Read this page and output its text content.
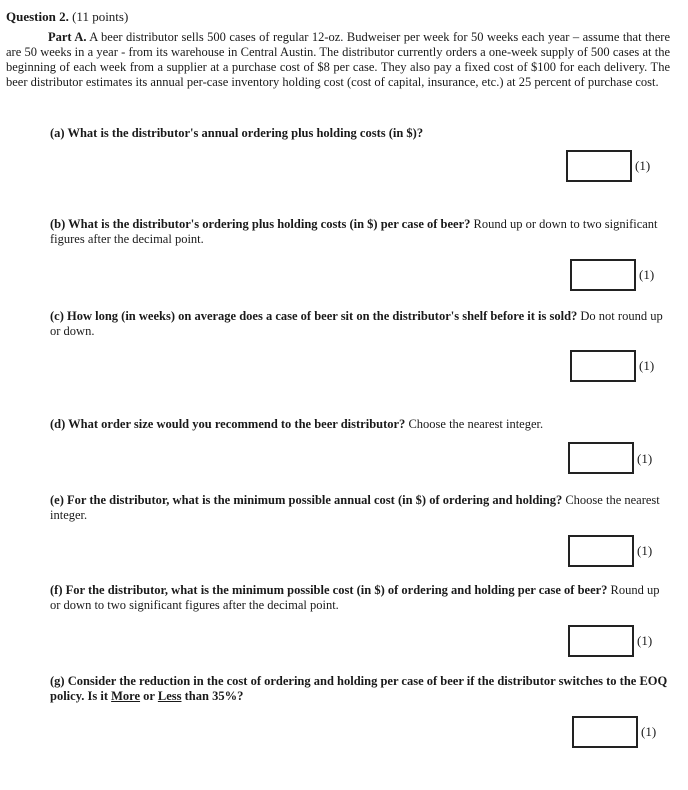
Question 2. (11 points)
Part A. A beer distributor sells 500 cases of regular 12-oz. Budweiser per week for 50 weeks each year – assume that there are 50 weeks in a year - from its warehouse in Central Austin. The distributor currently orders a one-week supply of 500 cases at the beginning of each week from a supplier at a purchase cost of $8 per case. They also pay a fixed cost of $100 for each delivery. The beer distributor estimates its annual per-case inventory holding cost (cost of capital, insurance, etc.) at 25 percent of purchase cost.
(a) What is the distributor's annual ordering plus holding costs (in $)?
(1)
(b) What is the distributor's ordering plus holding costs (in $) per case of beer? Round up or down to two significant figures after the decimal point.
(1)
(c) How long (in weeks) on average does a case of beer sit on the distributor's shelf before it is sold? Do not round up or down.
(1)
(d) What order size would you recommend to the beer distributor? Choose the nearest integer.
(1)
(e) For the distributor, what is the minimum possible annual cost (in $) of ordering and holding? Choose the nearest integer.
(1)
(f) For the distributor, what is the minimum possible cost (in $) of ordering and holding per case of beer? Round up or down to two significant figures after the decimal point.
(1)
(g) Consider the reduction in the cost of ordering and holding per case of beer if the distributor switches to the EOQ policy. Is it More or Less than 35%?
(1)
